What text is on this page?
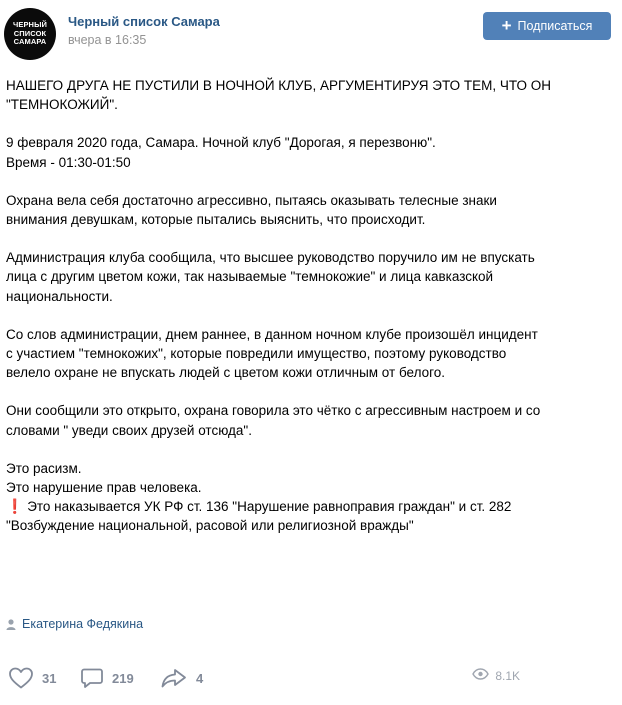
ЧЕРНЫЙ
СПИСОК
САМАРА
Черный список Самара
вчера в 16:35
+ Подписаться

НАШЕГО ДРУГА НЕ ПУСТИЛИ В НОЧНОЙ КЛУБ, АРГУМЕНТИРУЯ ЭТО ТЕМ, ЧТО ОН
"ТЕМНОКОЖИЙ".

9 февраля 2020 года, Самара. Ночной клуб "Дорогая, я перезвоню".
Время - 01:30-01:50

Охрана вела себя достаточно агрессивно, пытаясь оказывать телесные знаки
внимания девушкам, которые пытались выяснить, что происходит.

Администрация клуба сообщила, что высшее руководство поручило им не впускать
лица с другим цветом кожи, так называемые "темнокожие" и лица кавказской
национальности.

Со слов администрации, днем раннее, в данном ночном клубе произошёл инцидент
с участием "темнокожих", которые повредили имущество, поэтому руководство
велело охране не впускать людей с цветом кожи отличным от белого.

Они сообщили это открыто, охрана говорила это чётко с агрессивным настроем и со
словами " уведи своих друзей отсюда".

Это расизм.
Это нарушение прав человека.

❗ Это наказывается УК РФ ст. 136 "Нарушение равноправия граждан" и ст. 282
"Возбуждение национальной, расовой или религиозной вражды"

Екатерина Федякина
31	219	4	8.1K
